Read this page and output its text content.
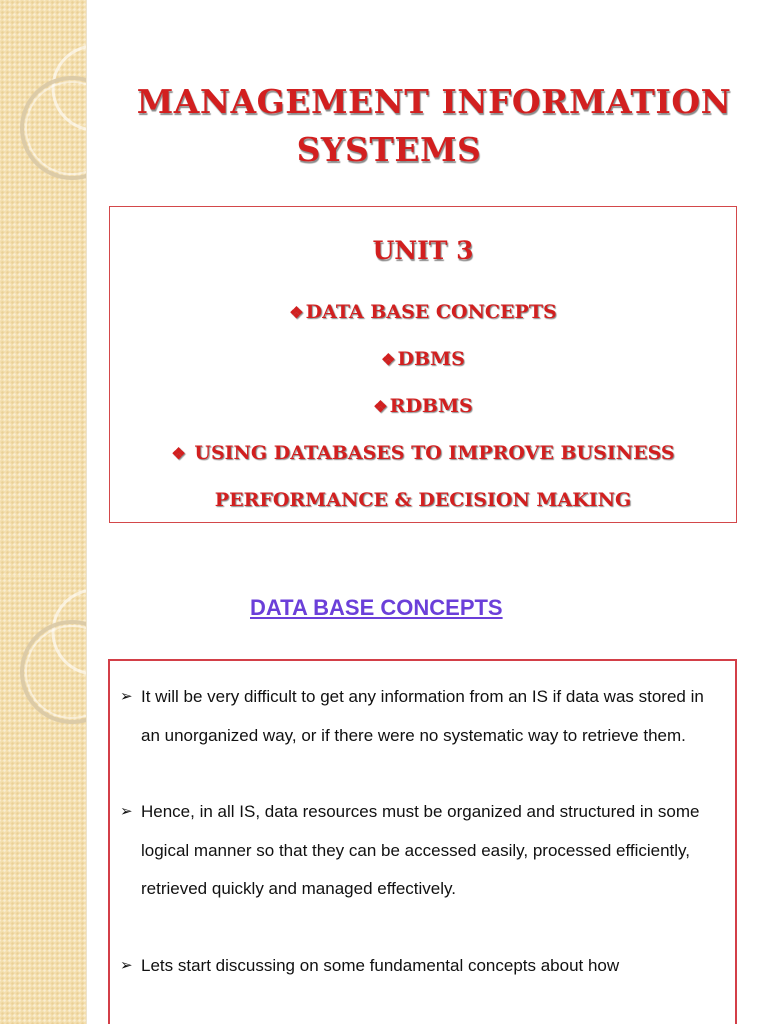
MANAGEMENT INFORMATION
SYSTEMS
UNIT 3
❖ DATA BASE CONCEPTS
❖ DBMS
❖ RDBMS
❖ USING DATABASES TO IMPROVE BUSINESS
PERFORMANCE & DECISION MAKING
DATA BASE CONCEPTS
➢ It will be very difficult to get any information from an IS if data was stored in an unorganized way, or if there were no systematic way to retrieve them.
➢ Hence, in all IS, data resources must be organized and structured in some logical manner so that they can be accessed easily, processed efficiently, retrieved quickly and managed effectively.
➢ Lets start discussing on some fundamental concepts about how
